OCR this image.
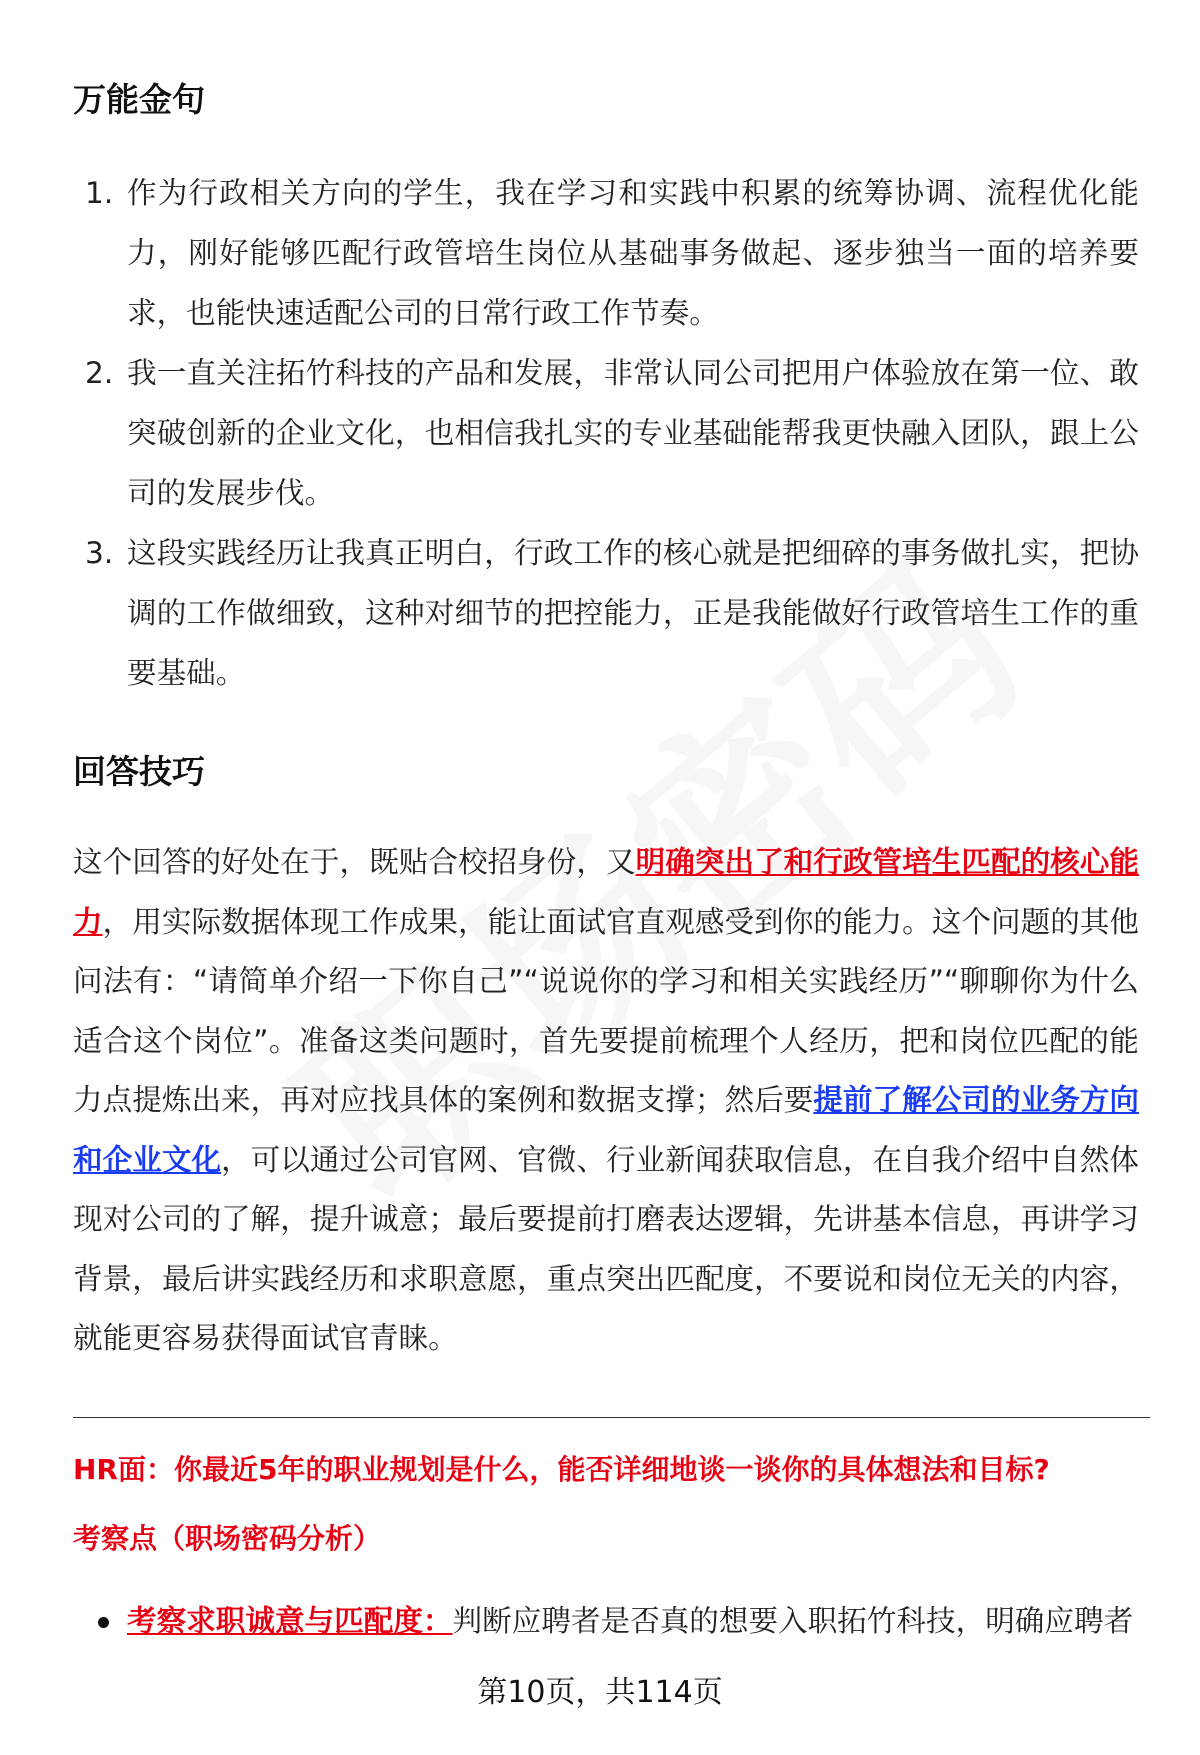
万能金句
1. 作为行政相关方向的学生，我在学习和实践中积累的统筹协调、流程优化能力，刚好能够匹配行政管培生岗位从基础事务做起、逐步独当一面的培养要求，也能快速适配公司的日常行政工作节奏。
2. 我一直关注拓竹科技的产品和发展，非常认同公司把用户体验放在第一位、敢突破创新的企业文化，也相信我扎实的专业基础能帮我更快融入团队，跟上公司的发展步伐。
3. 这段实践经历让我真正明白，行政工作的核心就是把细碎的事务做扎实，把协调的工作做细致，这种对细节的把控能力，正是我能做好行政管培生工作的重要基础。
回答技巧

这个回答的好处在于，既贴合校招身份，又明确突出了和行政管培生匹配的核心能力，用实际数据体现工作成果，能让面试官直观感受到你的能力。这个问题的其他问法有：“请简单介绍一下你自己”“说说你的学习和相关实践经历”“聊聊你为什么适合这个岗位”。准备这类问题时，首先要提前梳理个人经历，把和岗位匹配的能力点提炼出来，再对应找具体的案例和数据支撑；然后要提前了解公司的业务方向和企业文化，可以通过公司官网、官微、行业新闻获取信息，在自我介绍中自然体现对公司的了解，提升诚意；最后要提前打磨表达逻辑，先讲基本信息，再讲学习背景，最后讲实践经历和求职意愿，重点突出匹配度，不要说和岗位无关的内容，就能更容易获得面试官青睐。

HR面：你最近5年的职业规划是什么，能否详细地谈一谈你的具体想法和目标?
考察点（职场密码分析）
考察求职诚意与匹配度：判断应聘者是否真的想要入职拓竹科技，明确应聘者
第10页，共114页
